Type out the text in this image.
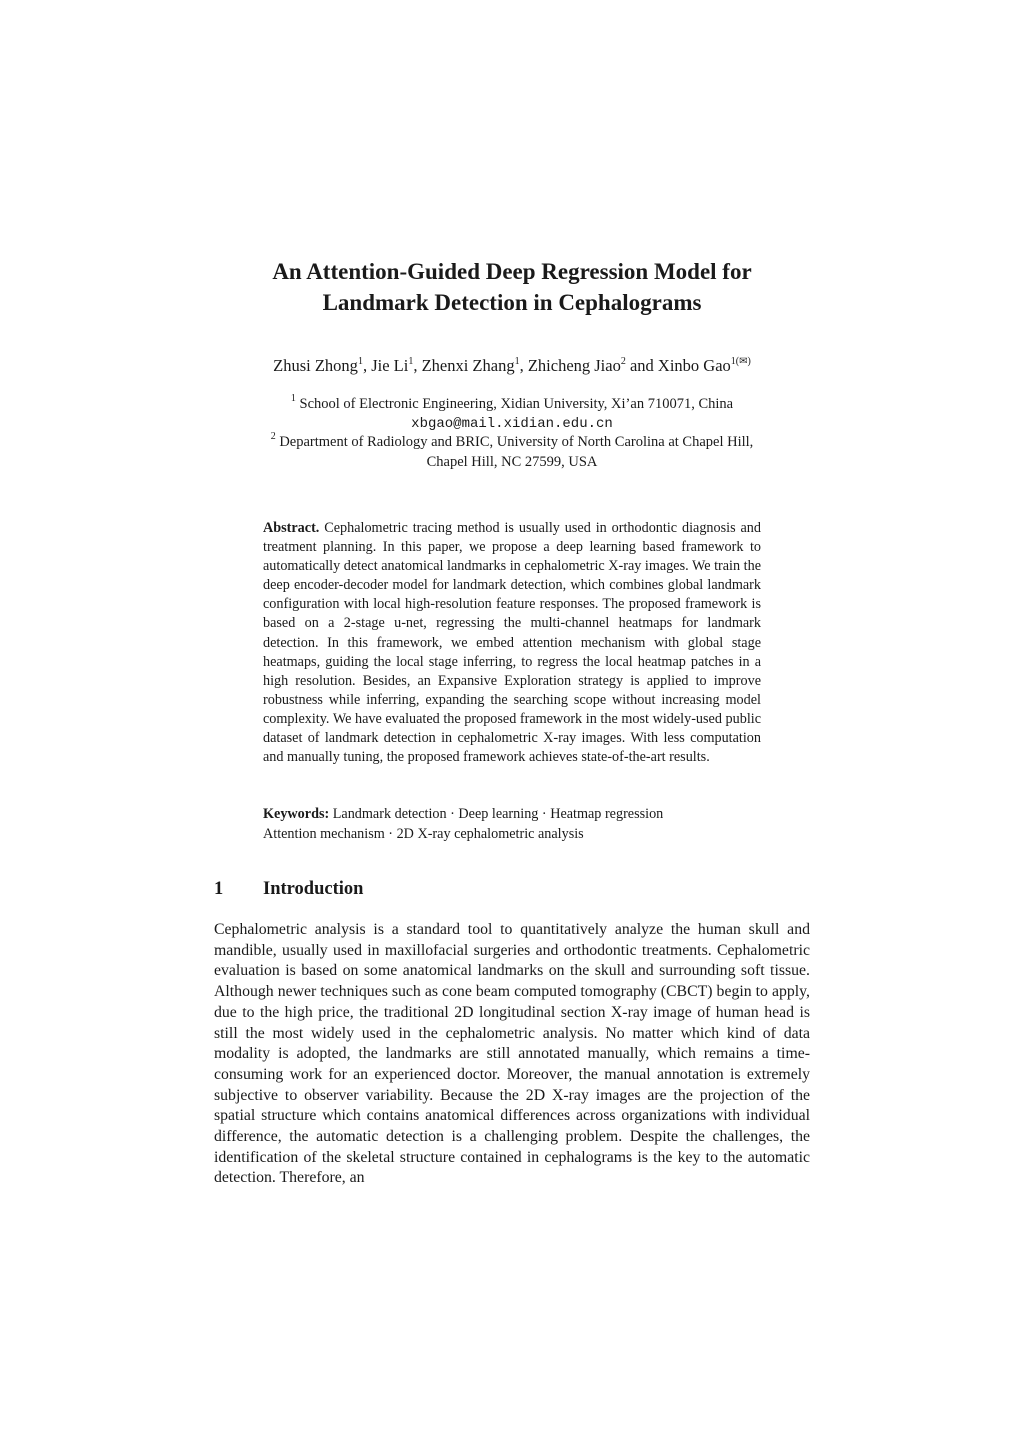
An Attention-Guided Deep Regression Model for
Landmark Detection in Cephalograms
Zhusi Zhong$^1$, Jie Li$^1$, Zhenxi Zhang$^1$, Zhicheng Jiao$^2$ and Xinbo Gao$^{1(✉)}$
$^1$ School of Electronic Engineering, Xidian University, Xi’an 710071, China
xbgao@mail.xidian.edu.cn
$^2$ Department of Radiology and BRIC, University of North Carolina at Chapel Hill,
Chapel Hill, NC 27599, USA
Abstract. Cephalometric tracing method is usually used in orthodontic diagnosis and treatment planning. In this paper, we propose a deep learning based framework to automatically detect anatomical landmarks in cephalometric X-ray images. We train the deep encoder-decoder model for landmark detection, which combines global landmark configuration with local high-resolution feature responses. The proposed framework is based on a 2-stage u-net, regressing the multi-channel heatmaps for landmark detection. In this framework, we embed attention mechanism with global stage heatmaps, guiding the local stage inferring, to regress the local heatmap patches in a high resolution. Besides, an Expansive Exploration strategy is applied to improve robustness while inferring, expanding the searching scope without increasing model complexity. We have evaluated the proposed framework in the most widely-used public dataset of landmark detection in cephalometric X-ray images. With less computation and manually tuning, the proposed framework achieves state-of-the-art results.
Keywords: Landmark detection · Deep learning · Heatmap regression
Attention mechanism · 2D X-ray cephalometric analysis
1 Introduction
Cephalometric analysis is a standard tool to quantitatively analyze the human skull and mandible, usually used in maxillofacial surgeries and orthodontic treatments. Cephalometric evaluation is based on some anatomical landmarks on the skull and surrounding soft tissue. Although newer techniques such as cone beam computed tomography (CBCT) begin to apply, due to the high price, the traditional 2D longitudinal section X-ray image of human head is still the most widely used in the cephalometric analysis. No matter which kind of data modality is adopted, the landmarks are still annotated manually, which remains a time-consuming work for an experienced doctor. Moreover, the manual annotation is extremely subjective to observer variability. Because the 2D X-ray images are the projection of the spatial structure which contains anatomical differences across organizations with individual difference, the automatic detection is a challenging problem. Despite the challenges, the identification of the skeletal structure contained in cephalograms is the key to the automatic detection. Therefore, an
